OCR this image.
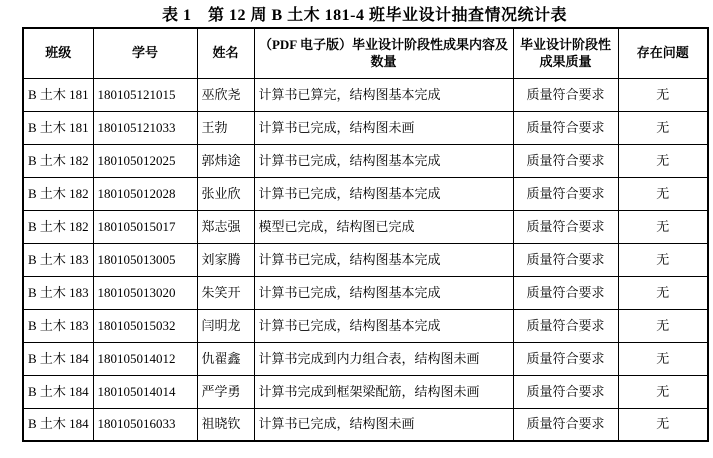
表 1　第 12 周 B 土木 181-4 班毕业设计抽查情况统计表
班级	学号	姓名	（PDF 电子版）毕业设计阶段性成果内容及数量	毕业设计阶段性成果质量	存在问题
B 土木 181	180105121015	巫欣尧	计算书已算完，结构图基本完成	质量符合要求	无
B 土木 181	180105121033	王勃	计算书已完成，结构图未画	质量符合要求	无
B 土木 182	180105012025	郭炜途	计算书已完成，结构图基本完成	质量符合要求	无
B 土木 182	180105012028	张业欣	计算书已完成，结构图基本完成	质量符合要求	无
B 土木 182	180105015017	郑志强	模型已完成，结构图已完成	质量符合要求	无
B 土木 183	180105013005	刘家腾	计算书已完成，结构图基本完成	质量符合要求	无
B 土木 183	180105013020	朱笑开	计算书已完成，结构图基本完成	质量符合要求	无
B 土木 183	180105015032	闫明龙	计算书已完成，结构图基本完成	质量符合要求	无
B 土木 184	180105014012	仇翟鑫	计算书完成到内力组合表，结构图未画	质量符合要求	无
B 土木 184	180105014014	严学勇	计算书完成到框架梁配筋，结构图未画	质量符合要求	无
B 土木 184	180105016033	祖晓钦	计算书已完成，结构图未画	质量符合要求	无
